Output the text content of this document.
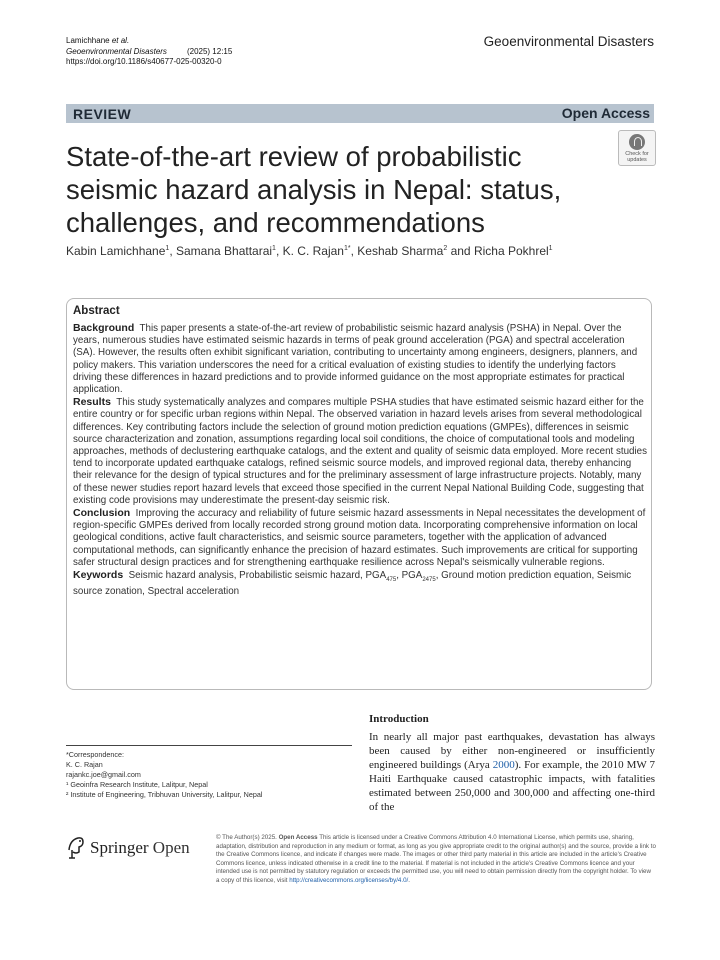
Lamichhane et al.
Geoenvironmental Disasters	(2025) 12:15
https://doi.org/10.1186/s40677-025-00320-0
Geoenvironmental Disasters
REVIEW	Open Access
State-of-the-art review of probabilistic seismic hazard analysis in Nepal: status, challenges, and recommendations
Check for
updates
Kabin Lamichhane$^1$, Samana Bhattarai$^1$, K. C. Rajan$^{1*}$, Keshab Sharma$^2$ and Richa Pokhrel$^1$
Abstract

Background This paper presents a state-of-the-art review of probabilistic seismic hazard analysis (PSHA) in Nepal. Over the years, numerous studies have estimated seismic hazards in terms of peak ground acceleration (PGA) and spectral acceleration (SA). However, the results often exhibit significant variation, contributing to uncertainty among engineers, designers, planners, and policy makers. This variation underscores the need for a critical evaluation of existing studies to identify the underlying factors driving these differences in hazard predictions and to provide informed guidance on the most appropriate estimates for practical application.

Results This study systematically analyzes and compares multiple PSHA studies that have estimated seismic hazard either for the entire country or for specific urban regions within Nepal. The observed variation in hazard levels arises from several methodological differences. Key contributing factors include the selection of ground motion prediction equations (GMPEs), differences in seismic source characterization and zonation, assumptions regarding local soil conditions, the choice of computational tools and modeling approaches, methods of declustering earthquake catalogs, and the extent and quality of seismic data employed. More recent studies tend to incorporate updated earthquake catalogs, refined seismic source models, and improved regional data, thereby enhancing their relevance for the design of typical structures and for the preliminary assessment of large infrastructure projects. Notably, many of these newer studies report hazard levels that exceed those specified in the current Nepal National Building Code, suggesting that existing code provisions may underestimate the present-day seismic risk.

Conclusion Improving the accuracy and reliability of future seismic hazard assessments in Nepal necessitates the development of region-specific GMPEs derived from locally recorded strong ground motion data. Incorporating comprehensive information on local geological conditions, active fault characteristics, and seismic source parameters, together with the application of advanced computational methods, can significantly enhance the precision of hazard estimates. Such improvements are critical for supporting safer structural design practices and for strengthening earthquake resilience across Nepal's seismically vulnerable regions.

Keywords Seismic hazard analysis, Probabilistic seismic hazard, $PGA_{475}$, $PGA_{2475}$, Ground motion prediction equation, Seismic source zonation, Spectral acceleration

Introduction

In nearly all major past earthquakes, devastation has always been caused by either non-engineered or insufficiently engineered buildings (Arya 2000). For example, the 2010 MW 7 Haiti Earthquake caused catastrophic impacts, with fatalities estimated between 250,000 and 300,000 and affecting one-third of the

*Correspondence:

K. C. Rajan

rajankc.joe@gmail.com

¹ Geoinfra Research Institute, Lalitpur, Nepal

² Institute of Engineering, Tribhuvan University, Lalitpur, Nepal

Springer Open

© The Author(s) 2025. Open Access This article is licensed under a Creative Commons Attribution 4.0 International License, which permits use, sharing, adaptation, distribution and reproduction in any medium or format, as long as you give appropriate credit to the original author(s) and the source, provide a link to the Creative Commons licence, and indicate if changes were made. The images or other third party material in this article are included in the article's Creative Commons licence, unless indicated otherwise in a credit line to the material. If material is not included in the article's Creative Commons licence and your intended use is not permitted by statutory regulation or exceeds the permitted use, you will need to obtain permission directly from the copyright holder. To view a copy of this licence, visit http://creativecommons.org/licenses/by/4.0/.
